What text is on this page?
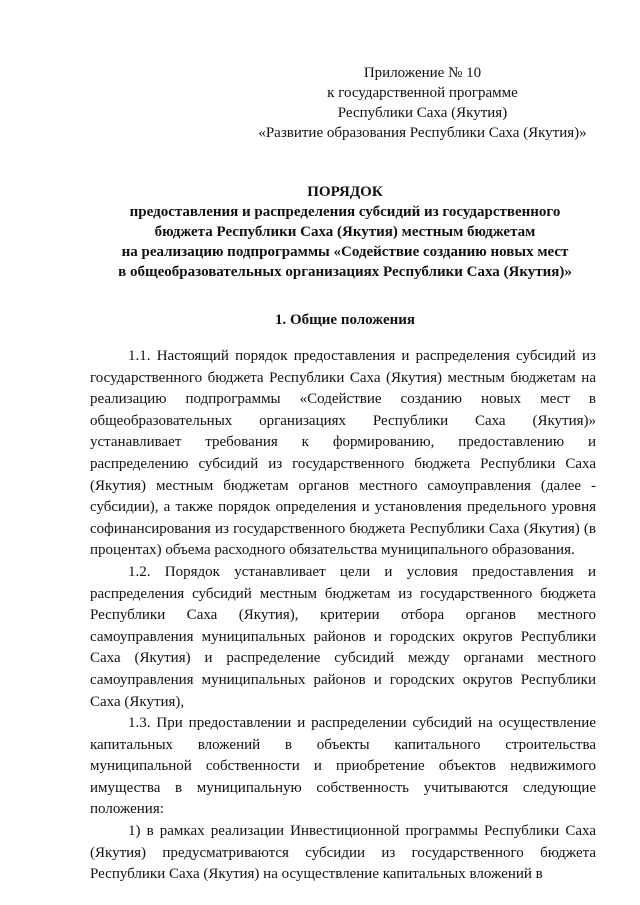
Приложение № 10
к государственной программе
Республики Саха (Якутия)
«Развитие образования Республики Саха (Якутия)»
ПОРЯДОК
предоставления и распределения субсидий из государственного
бюджета Республики Саха (Якутия) местным бюджетам
на реализацию подпрограммы «Содействие созданию новых мест
в общеобразовательных организациях Республики Саха (Якутия)»
1. Общие положения

1.1. Настоящий порядок предоставления и распределения субсидий из государственного бюджета Республики Саха (Якутия) местным бюджетам на реализацию подпрограммы «Содействие созданию новых мест в общеобразовательных организациях Республики Саха (Якутия)» устанавливает требования к формированию, предоставлению и распределению субсидий из государственного бюджета Республики Саха (Якутия) местным бюджетам органов местного самоуправления (далее - субсидии), а также порядок определения и установления предельного уровня софинансирования из государственного бюджета Республики Саха (Якутия) (в процентах) объема расходного обязательства муниципального образования.

1.2. Порядок устанавливает цели и условия предоставления и распределения субсидий местным бюджетам из государственного бюджета Республики Саха (Якутия), критерии отбора органов местного самоуправления муниципальных районов и городских округов Республики Саха (Якутия) и распределение субсидий между органами местного самоуправления муниципальных районов и городских округов Республики Саха (Якутия),

1.3. При предоставлении и распределении субсидий на осуществление капитальных вложений в объекты капитального строительства муниципальной собственности и приобретение объектов недвижимого имущества в муниципальную собственность учитываются следующие положения:

1) в рамках реализации Инвестиционной программы Республики Саха (Якутия) предусматриваются субсидии из государственного бюджета Республики Саха (Якутия) на осуществление капитальных вложений в
